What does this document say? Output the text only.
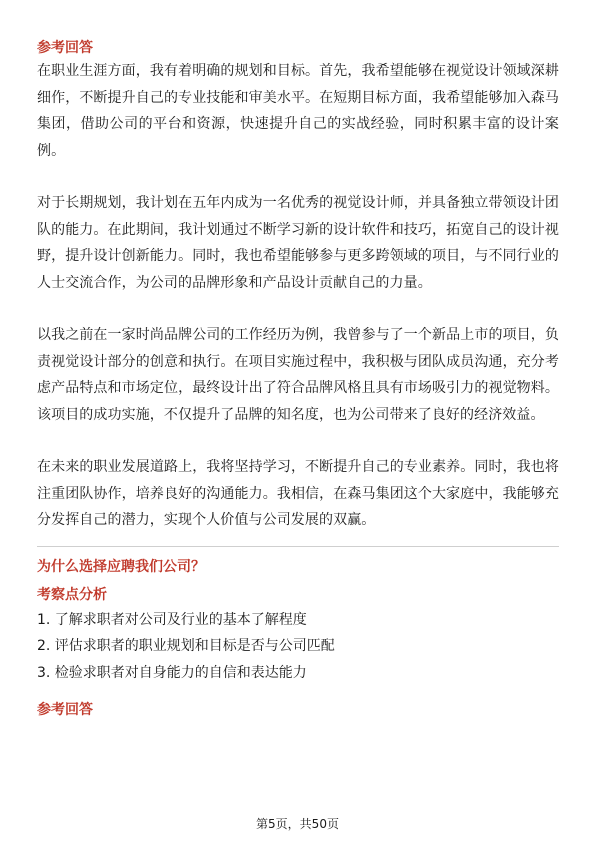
参考回答

在职业生涯方面，我有着明确的规划和目标。首先，我希望能够在视觉设计领域深耕细作，不断提升自己的专业技能和审美水平。在短期目标方面，我希望能够加入森马集团，借助公司的平台和资源，快速提升自己的实战经验，同时积累丰富的设计案例。

对于长期规划，我计划在五年内成为一名优秀的视觉设计师，并具备独立带领设计团队的能力。在此期间，我计划通过不断学习新的设计软件和技巧，拓宽自己的设计视野，提升设计创新能力。同时，我也希望能够参与更多跨领域的项目，与不同行业的人士交流合作，为公司的品牌形象和产品设计贡献自己的力量。

以我之前在一家时尚品牌公司的工作经历为例，我曾参与了一个新品上市的项目，负责视觉设计部分的创意和执行。在项目实施过程中，我积极与团队成员沟通，充分考虑产品特点和市场定位，最终设计出了符合品牌风格且具有市场吸引力的视觉物料。该项目的成功实施，不仅提升了品牌的知名度，也为公司带来了良好的经济效益。

在未来的职业发展道路上，我将坚持学习，不断提升自己的专业素养。同时，我也将注重团队协作，培养良好的沟通能力。我相信，在森马集团这个大家庭中，我能够充分发挥自己的潜力，实现个人价值与公司发展的双赢。

为什么选择应聘我们公司？

考察点分析

1. 了解求职者对公司及行业的基本了解程度
2. 评估求职者的职业规划和目标是否与公司匹配
3. 检验求职者对自身能力的自信和表达能力

参考回答

第5页，共50页
